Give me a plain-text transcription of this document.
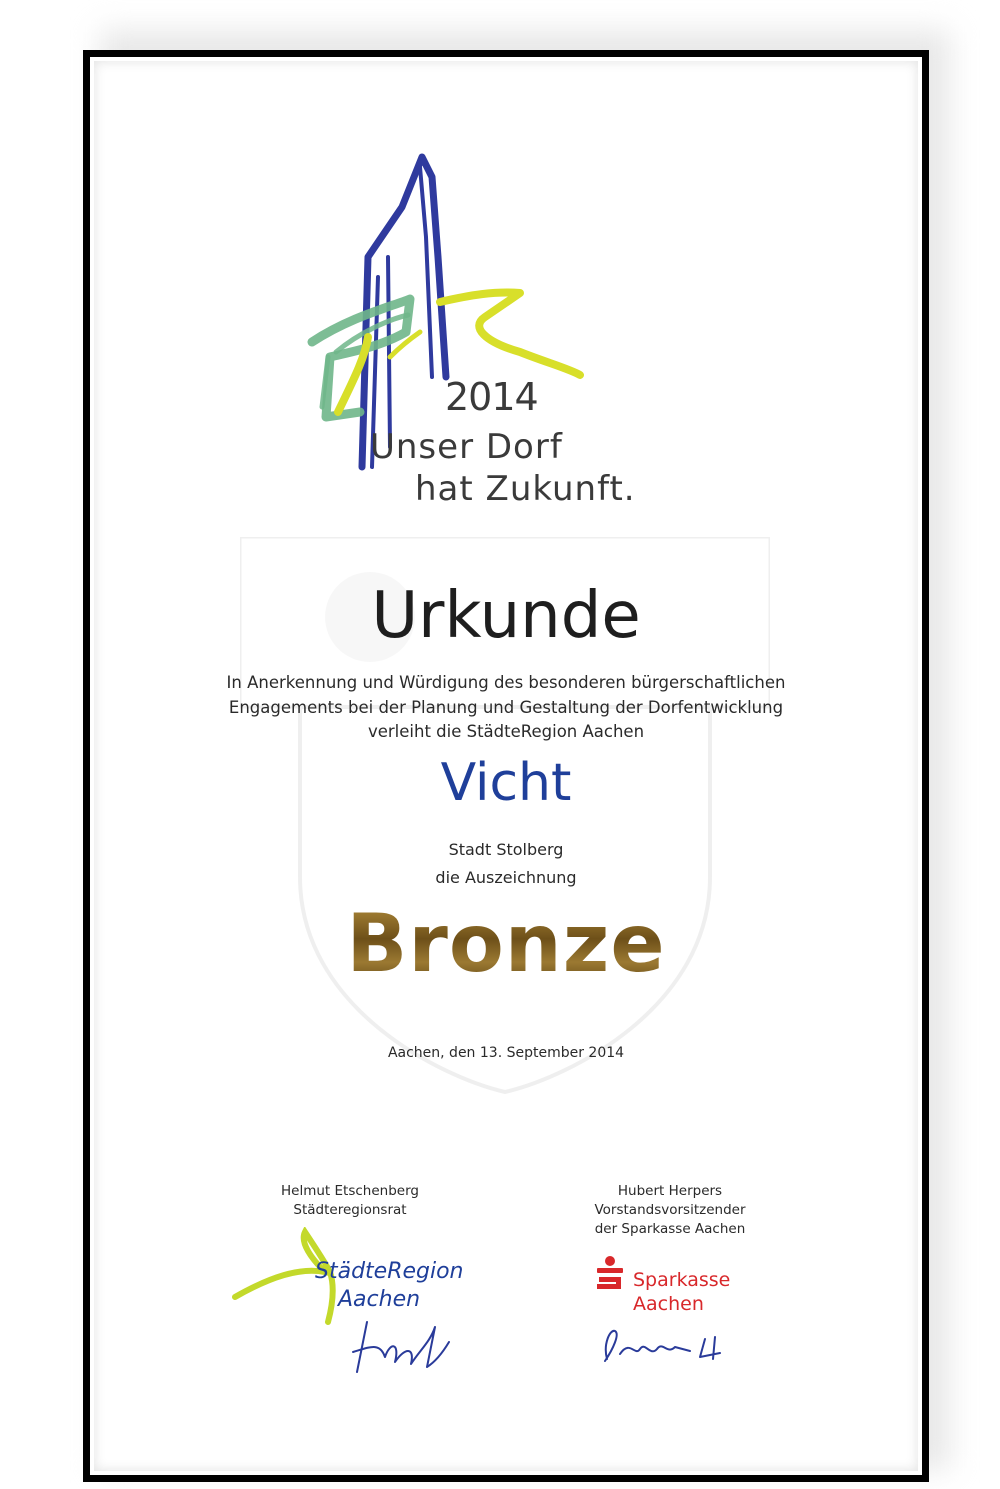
2014
Unser Dorf
hat Zukunft.
Urkunde
In Anerkennung und Würdigung des besonderen bürgerschaftlichen
Engagements bei der Planung und Gestaltung der Dorfentwicklung
verleiht die StädteRegion Aachen
Vicht
Stadt Stolberg
die Auszeichnung
Bronze
Aachen, den 13. September 2014
Helmut Etschenberg
Städteregionsrat
Hubert Herpers
Vorstandsvorsitzender
der Sparkasse Aachen
StädteRegion
Aachen
Sparkasse
Aachen
